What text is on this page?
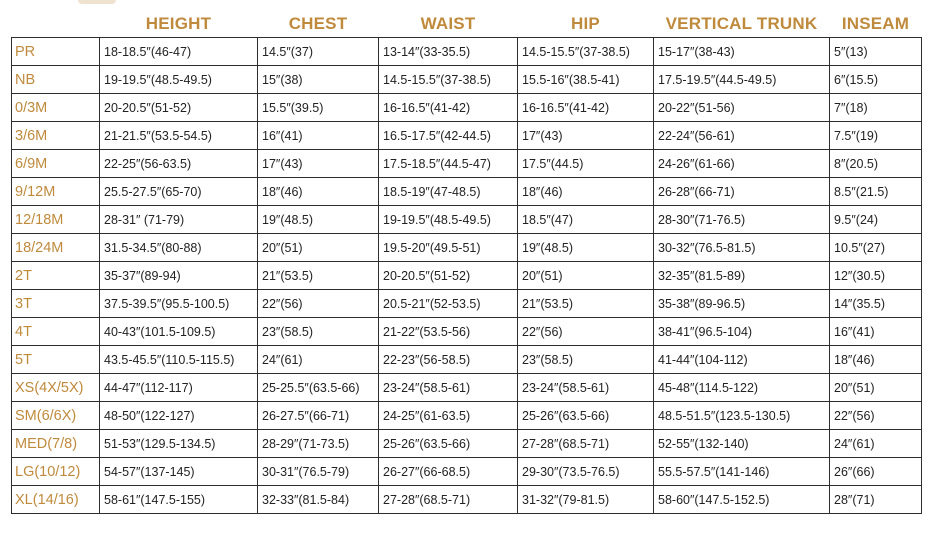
	HEIGHT	CHEST	WAIST	HIP	VERTICAL TRUNK	INSEAM
PR	18-18.5″(46-47)	14.5″(37)	13-14″(33-35.5)	14.5-15.5″(37-38.5)	15-17″(38-43)	5″(13)
NB	19-19.5″(48.5-49.5)	15″(38)	14.5-15.5″(37-38.5)	15.5-16″(38.5-41)	17.5-19.5″(44.5-49.5)	6″(15.5)
0/3M	20-20.5″(51-52)	15.5″(39.5)	16-16.5″(41-42)	16-16.5″(41-42)	20-22″(51-56)	7″(18)
3/6M	21-21.5″(53.5-54.5)	16″(41)	16.5-17.5″(42-44.5)	17″(43)	22-24″(56-61)	7.5″(19)
6/9M	22-25″(56-63.5)	17″(43)	17.5-18.5″(44.5-47)	17.5″(44.5)	24-26″(61-66)	8″(20.5)
9/12M	25.5-27.5″(65-70)	18″(46)	18.5-19″(47-48.5)	18″(46)	26-28″(66-71)	8.5″(21.5)
12/18M	28-31″ (71-79)	19″(48.5)	19-19.5″(48.5-49.5)	18.5″(47)	28-30″(71-76.5)	9.5″(24)
18/24M	31.5-34.5″(80-88)	20″(51)	19.5-20″(49.5-51)	19″(48.5)	30-32″(76.5-81.5)	10.5″(27)
2T	35-37″(89-94)	21″(53.5)	20-20.5″(51-52)	20″(51)	32-35″(81.5-89)	12″(30.5)
3T	37.5-39.5″(95.5-100.5)	22″(56)	20.5-21″(52-53.5)	21″(53.5)	35-38″(89-96.5)	14″(35.5)
4T	40-43″(101.5-109.5)	23″(58.5)	21-22″(53.5-56)	22″(56)	38-41″(96.5-104)	16″(41)
5T	43.5-45.5″(110.5-115.5)	24″(61)	22-23″(56-58.5)	23″(58.5)	41-44″(104-112)	18″(46)
XS(4X/5X)	44-47″(112-117)	25-25.5″(63.5-66)	23-24″(58.5-61)	23-24″(58.5-61)	45-48″(114.5-122)	20″(51)
SM(6/6X)	48-50″(122-127)	26-27.5″(66-71)	24-25″(61-63.5)	25-26″(63.5-66)	48.5-51.5″(123.5-130.5)	22″(56)
MED(7/8)	51-53″(129.5-134.5)	28-29″(71-73.5)	25-26″(63.5-66)	27-28″(68.5-71)	52-55″(132-140)	24″(61)
LG(10/12)	54-57″(137-145)	30-31″(76.5-79)	26-27″(66-68.5)	29-30″(73.5-76.5)	55.5-57.5″(141-146)	26″(66)
XL(14/16)	58-61″(147.5-155)	32-33″(81.5-84)	27-28″(68.5-71)	31-32″(79-81.5)	58-60″(147.5-152.5)	28″(71)
